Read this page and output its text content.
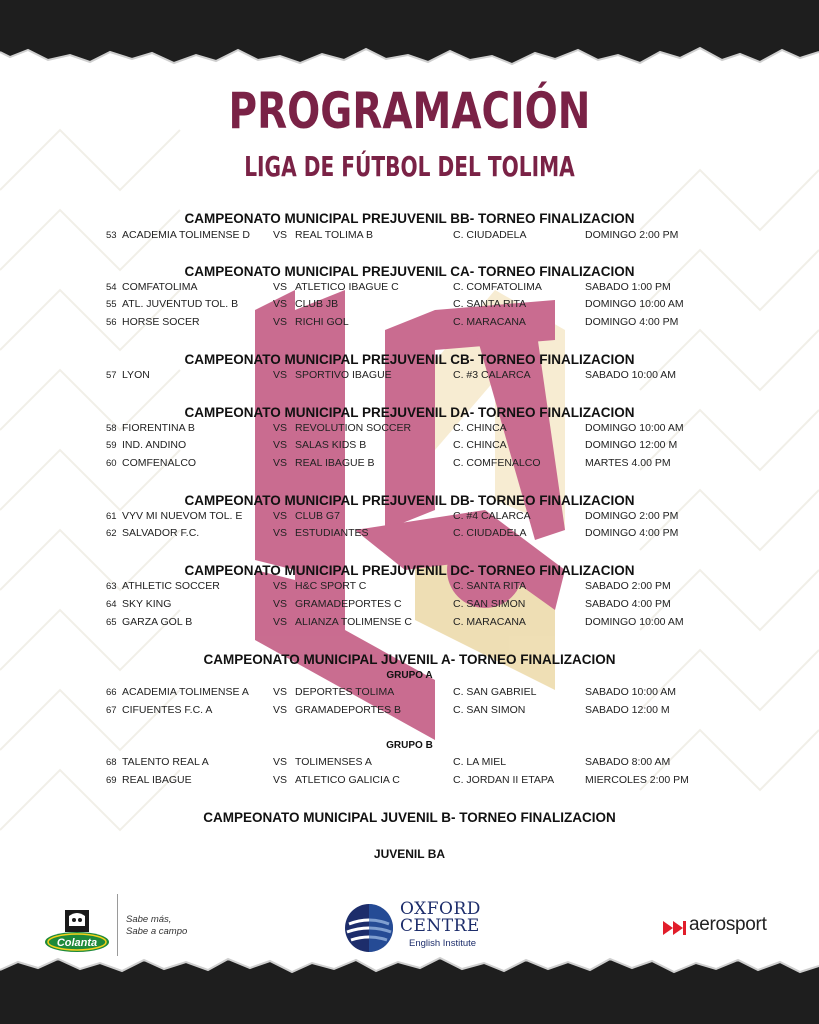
PROGRAMACIÓN
LIGA DE FÚTBOL DEL TOLIMA
CAMPEONATO MUNICIPAL PREJUVENIL BB- TORNEO FINALIZACION
53 ACADEMIA TOLIMENSE D VS REAL TOLIMA B	C. CIUDADELA	DOMINGO 2:00 PM
CAMPEONATO MUNICIPAL PREJUVENIL CA- TORNEO FINALIZACION
54 COMFATOLIMA	VS ATLETICO IBAGUE C	C. COMFATOLIMA	SABADO 1:00 PM
55 ATL. JUVENTUD TOL. B	VS CLUB JB	C. SANTA RITA	DOMINGO 10:00 AM
56 HORSE SOCER	VS RICHI GOL	C. MARACANA	DOMINGO 4:00 PM
CAMPEONATO MUNICIPAL PREJUVENIL CB- TORNEO FINALIZACION
57 LYON	VS SPORTIVO IBAGUE	C. #3 CALARCA	SABADO 10:00 AM
CAMPEONATO MUNICIPAL PREJUVENIL DA- TORNEO FINALIZACION
58 FIORENTINA B	VS REVOLUTION SOCCER	C. CHINCA	DOMINGO 10:00 AM
59 IND. ANDINO	VS SALAS KIDS B	C. CHINCA	DOMINGO 12:00 M
60 COMFENALCO	VS REAL IBAGUE B	C. COMFENALCO	MARTES 4.00 PM
CAMPEONATO MUNICIPAL PREJUVENIL DB- TORNEO FINALIZACION
61 VYV MI NUEVOM TOL. E	VS CLUB G7	C. #4 CALARCA	DOMINGO 2:00 PM
62 SALVADOR F.C.	VS ESTUDIANTES	C. CIUDADELA	DOMINGO 4:00 PM
CAMPEONATO MUNICIPAL PREJUVENIL DC- TORNEO FINALIZACION
63 ATHLETIC SOCCER	VS H&C SPORT C	C. SANTA RITA	SABADO 2:00 PM
64 SKY KING	VS GRAMADEPORTES C	C. SAN SIMON	SABADO 4:00 PM
65 GARZA GOL B	VS ALIANZA TOLIMENSE C	C. MARACANA	DOMINGO 10:00 AM
CAMPEONATO MUNICIPAL JUVENIL A- TORNEO FINALIZACION
GRUPO A
66 ACADEMIA TOLIMENSE A VS DEPORTES TOLIMA	C. SAN GABRIEL	SABADO 10:00 AM
67 CIFUENTES F.C. A	VS GRAMADEPORTES B	C. SAN SIMON	SABADO 12:00 M
GRUPO B
68 TALENTO REAL A	VS TOLIMENSES A	C. LA MIEL	SABADO 8:00 AM
69 REAL IBAGUE	VS ATLETICO GALICIA C	C. JORDAN II ETAPA	MIERCOLES 2:00 PM
CAMPEONATO MUNICIPAL JUVENIL B- TORNEO FINALIZACION
JUVENIL BA
Colanta
Sabe más,
Sabe a campo
OXFORD
CENTRE
English Institute
aerosport
